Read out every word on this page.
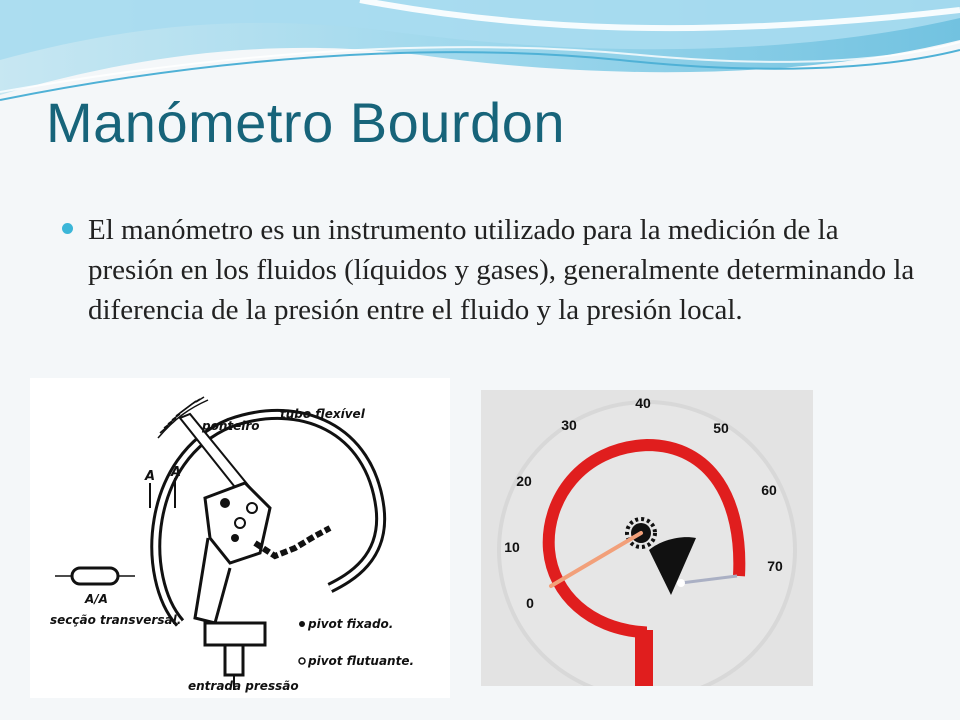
Manómetro Bourdon
El manómetro es un instrumento utilizado para la medición de la presión en los fluidos (líquidos y gases), generalmente determinando la diferencia de la presión entre el fluido y la presión local.
A A
A/A
secção transversal.
tubo flexível
ponteiro
pivot fixado.
pivot flutuante.
entrada pressão
0
10
20
30
40
50
60
70
